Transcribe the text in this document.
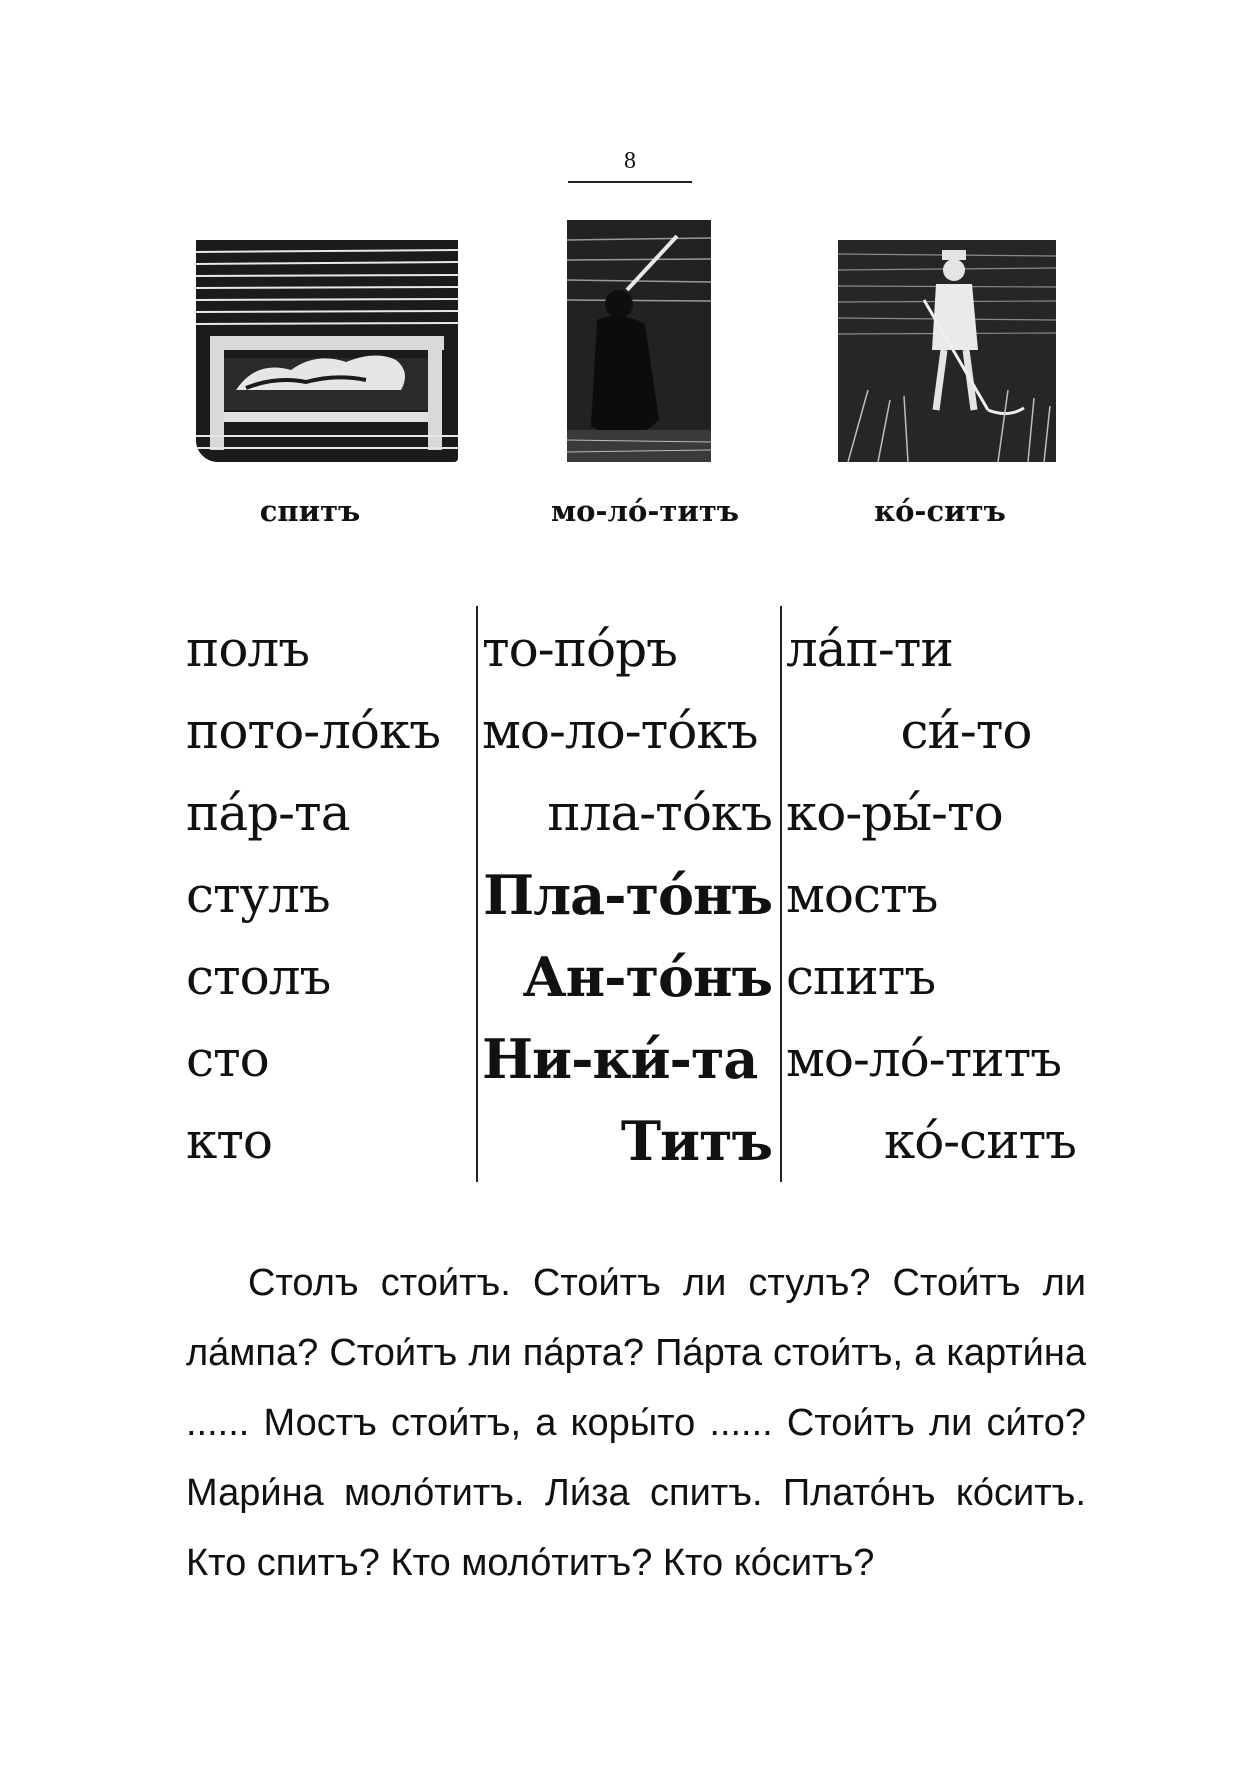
8
спитъ	мо-ло́-титъ	ко́-ситъ
полъ
пото-ло́къ
па́р-та
стулъ
столъ
сто
кто
то-по́ръ
мо-ло-то́къ
пла-то́къ
Пла-то́нъ
Ан-то́нъ
Ни-ки́-та
Титъ
ла́п-ти
си́-то
ко-ры́-то
мостъ
спитъ
мо-ло́-титъ
ко́-ситъ

Столъ стои́тъ. Стои́тъ ли стулъ? Стои́тъ ли ла́мпа? Стои́тъ ли па́рта? Па́рта стои́тъ, а карти́на ...... Мостъ стои́тъ, а коры́то ...... Стои́тъ ли си́то? Мари́на моло́титъ. Ли́за спитъ. Плато́нъ ко́ситъ. Кто спитъ? Кто моло́титъ? Кто ко́ситъ?
